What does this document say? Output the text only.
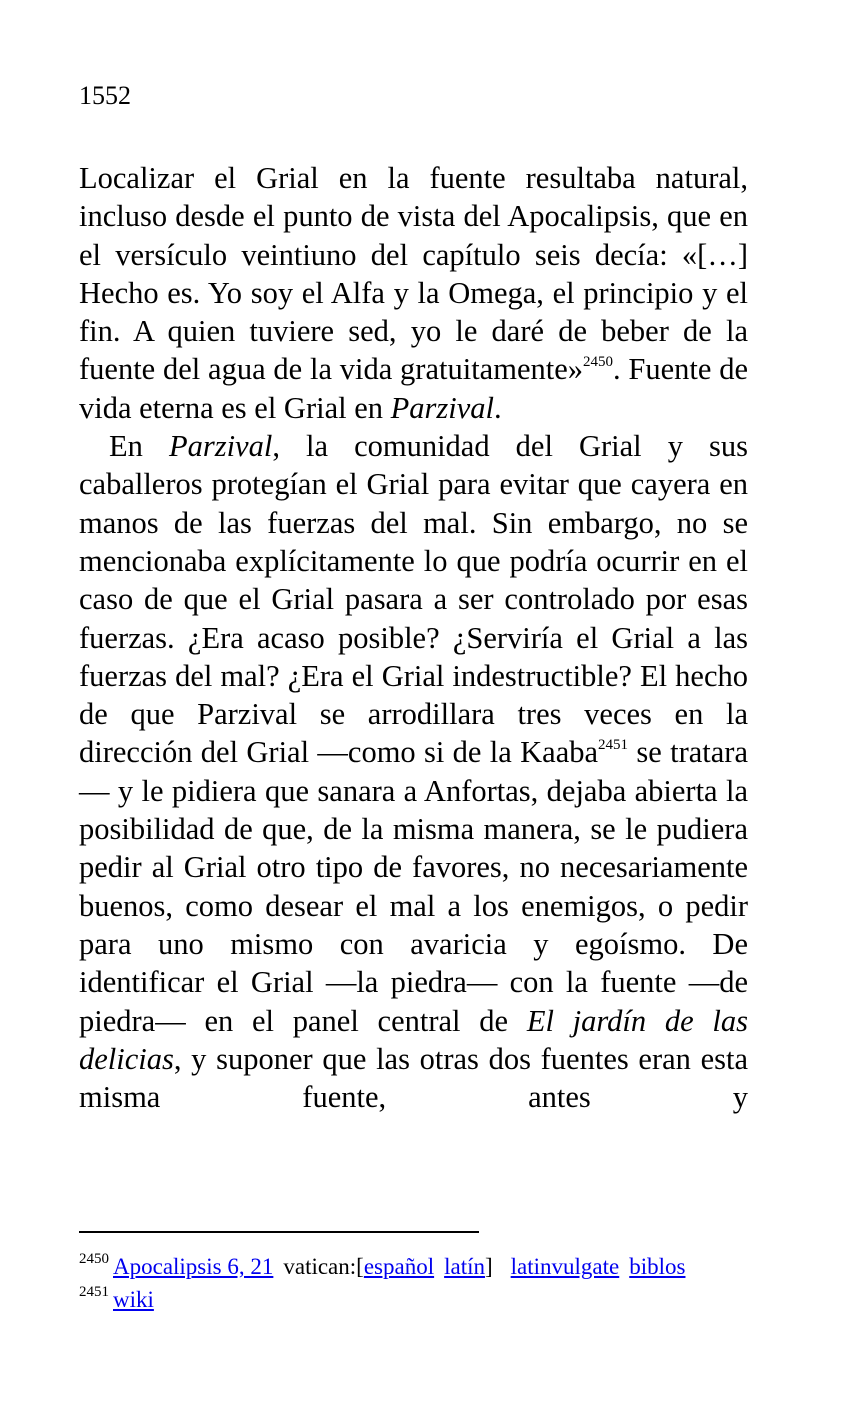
1552

Localizar el Grial en la fuente resultaba natural, incluso desde el punto de vista del Apocalipsis, que en el versículo veintiuno del capítulo seis decía: «[…] Hecho es. Yo soy el Alfa y la Omega, el principio y el fin. A quien tuviere sed, yo le daré de beber de la fuente del agua de la vida gratuitamente»$^{2450}$. Fuente de vida eterna es el Grial en Parzival.

En Parzival, la comunidad del Grial y sus caballeros protegían el Grial para evitar que cayera en manos de las fuerzas del mal. Sin embargo, no se mencionaba explícitamente lo que podría ocurrir en el caso de que el Grial pasara a ser controlado por esas fuerzas. ¿Era acaso posible? ¿Serviría el Grial a las fuerzas del mal? ¿Era el Grial indestructible? El hecho de que Parzival se arrodillara tres veces en la dirección del Grial —como si de la Kaaba$^{2451}$ se tratara— y le pidiera que sanara a Anfortas, dejaba abierta la posibilidad de que, de la misma manera, se le pudiera pedir al Grial otro tipo de favores, no necesariamente buenos, como desear el mal a los enemigos, o pedir para uno mismo con avaricia y egoísmo. De identificar el Grial —la piedra— con la fuente —de piedra— en el panel central de El jardín de las delicias, y suponer que las otras dos fuentes eran esta misma fuente, antes y

$^{2450}$ Apocalipsis 6, 21 vatican:[español latín] latinvulgate biblos
$^{2451}$ wiki
